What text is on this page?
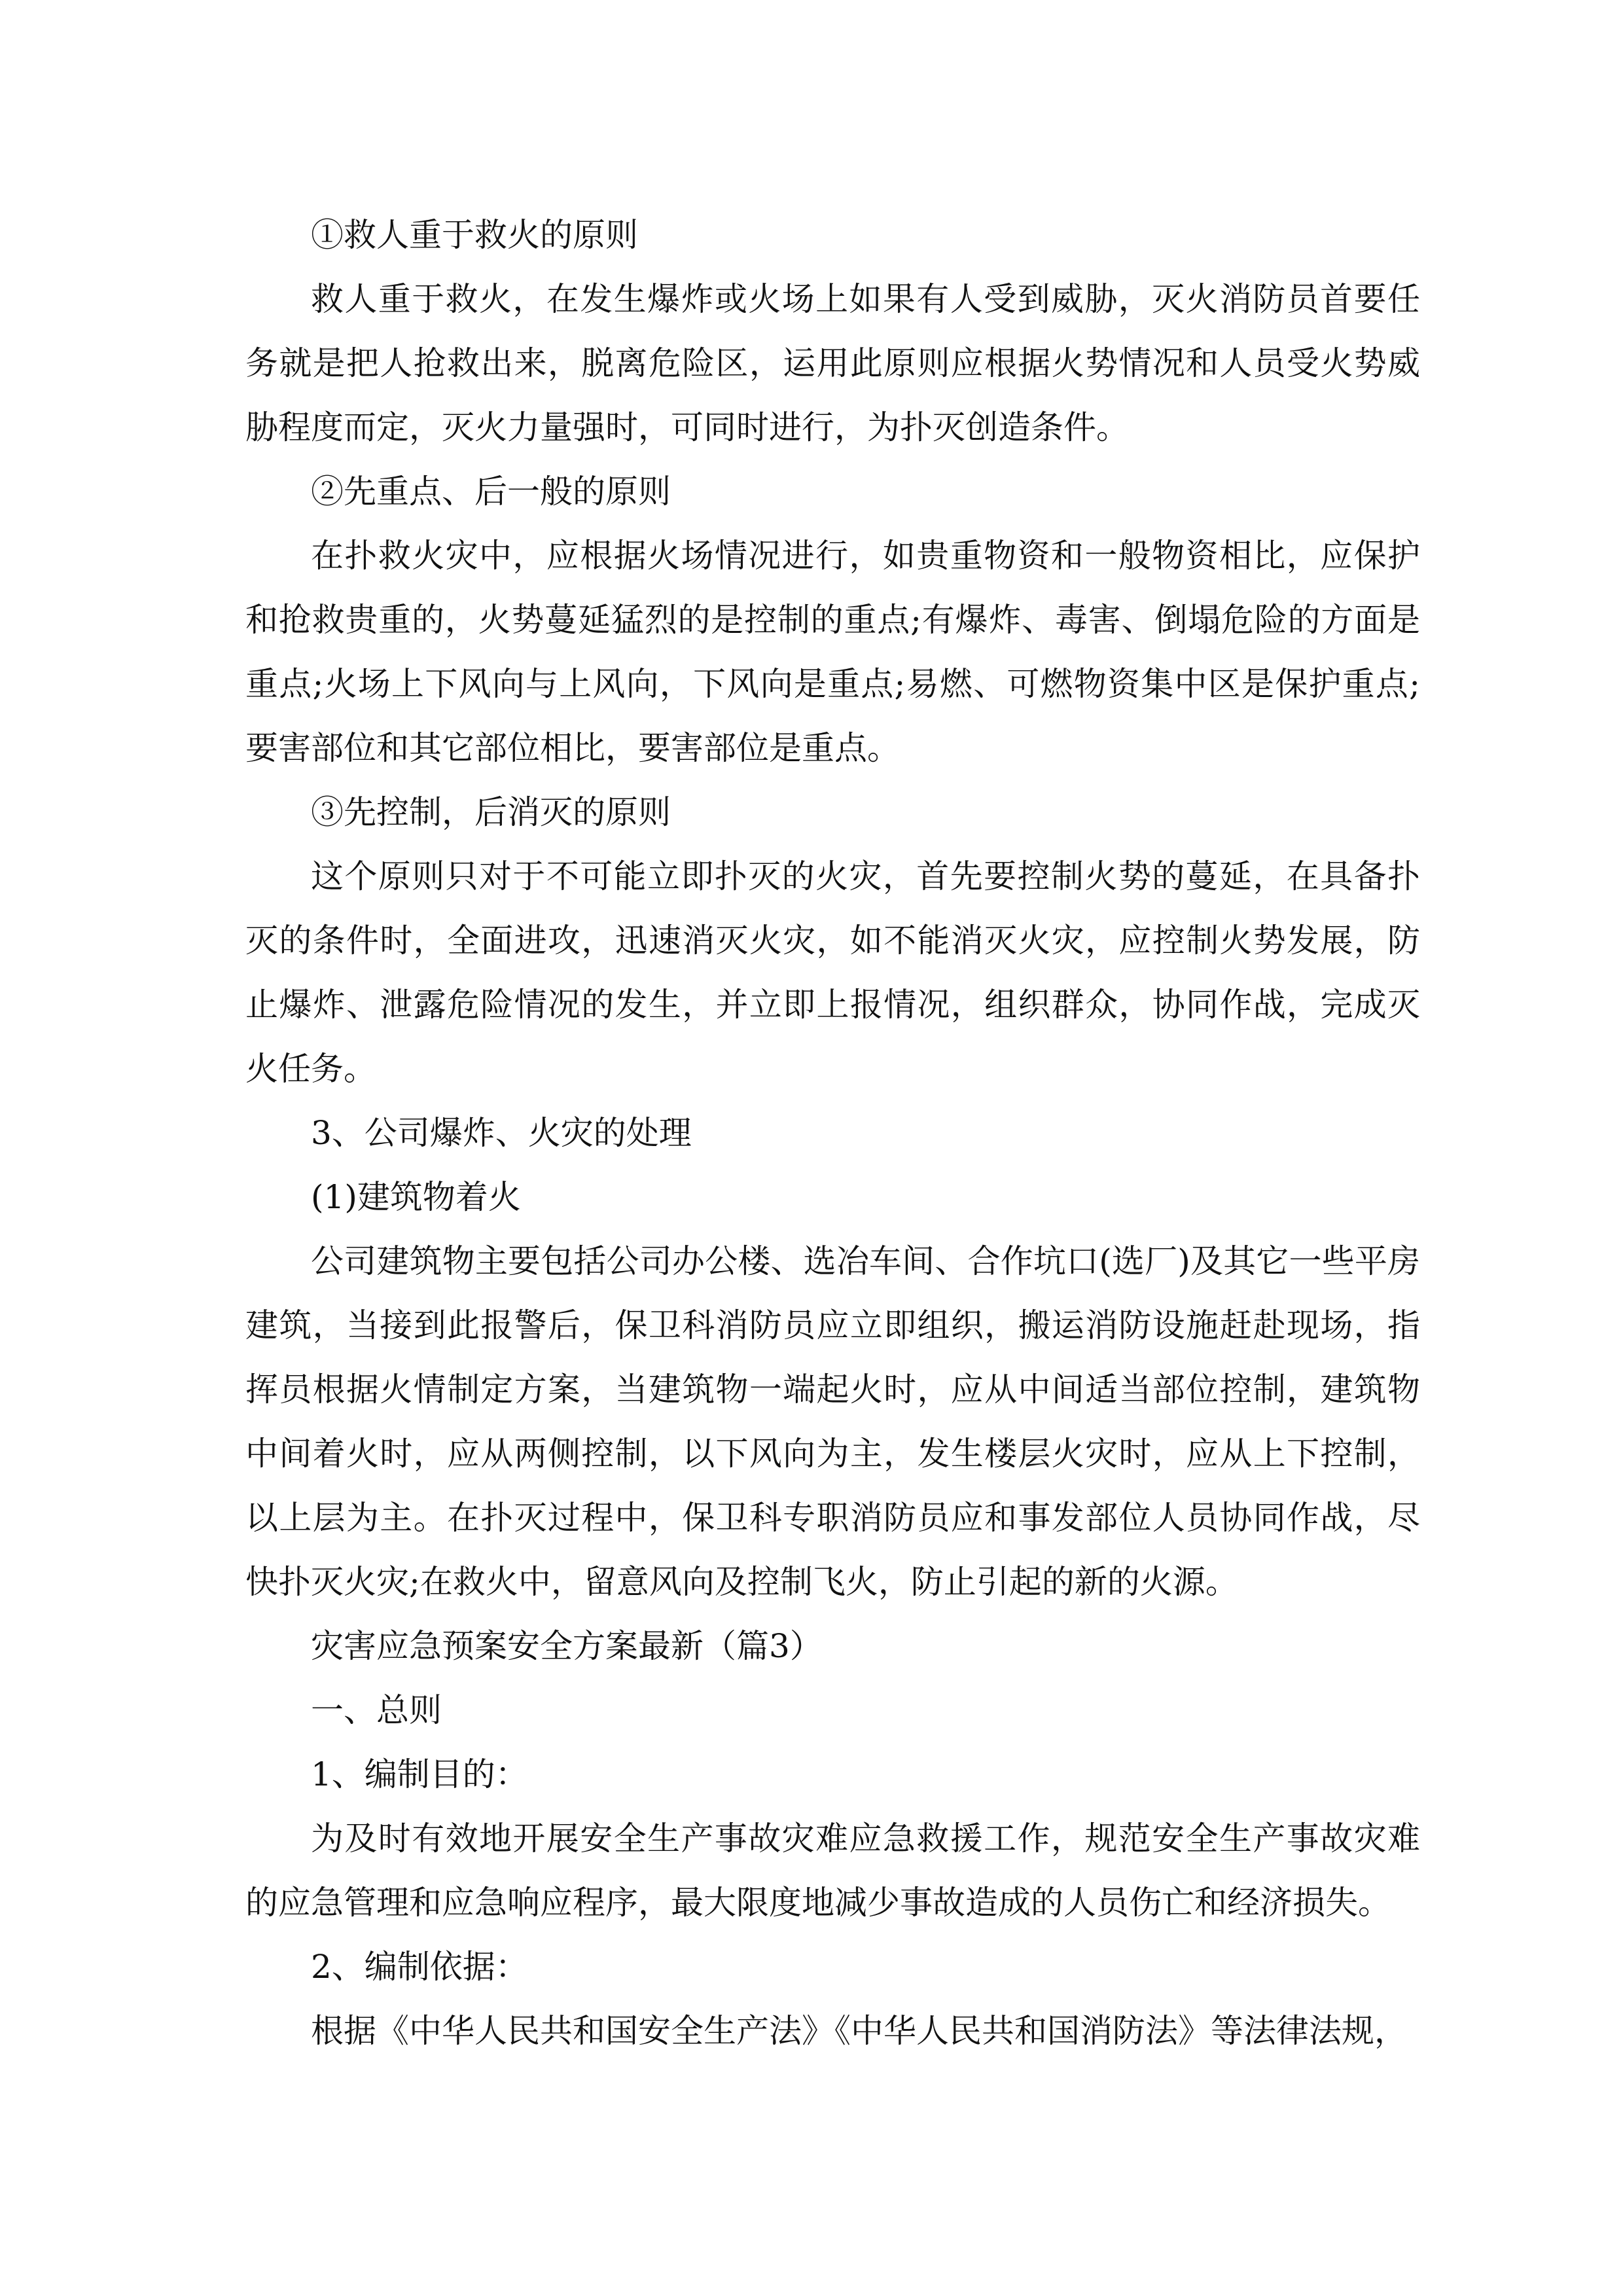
①救人重于救火的原则

救人重于救火，在发生爆炸或火场上如果有人受到威胁，灭火消防员首要任务就是把人抢救出来，脱离危险区，运用此原则应根据火势情况和人员受火势威胁程度而定，灭火力量强时，可同时进行，为扑灭创造条件。

②先重点、后一般的原则

在扑救火灾中，应根据火场情况进行，如贵重物资和一般物资相比，应保护和抢救贵重的，火势蔓延猛烈的是控制的重点;有爆炸、毒害、倒塌危险的方面是重点;火场上下风向与上风向，下风向是重点;易燃、可燃物资集中区是保护重点;要害部位和其它部位相比，要害部位是重点。

③先控制，后消灭的原则

这个原则只对于不可能立即扑灭的火灾，首先要控制火势的蔓延，在具备扑灭的条件时，全面进攻，迅速消灭火灾，如不能消灭火灾，应控制火势发展，防止爆炸、泄露危险情况的发生，并立即上报情况，组织群众，协同作战，完成灭火任务。

3、公司爆炸、火灾的处理

(1)建筑物着火

公司建筑物主要包括公司办公楼、选冶车间、合作坑口(选厂)及其它一些平房建筑，当接到此报警后，保卫科消防员应立即组织，搬运消防设施赶赴现场，指挥员根据火情制定方案，当建筑物一端起火时，应从中间适当部位控制，建筑物中间着火时，应从两侧控制，以下风向为主，发生楼层火灾时，应从上下控制，以上层为主。在扑灭过程中，保卫科专职消防员应和事发部位人员协同作战，尽快扑灭火灾;在救火中，留意风向及控制飞火，防止引起的新的火源。

灾害应急预案安全方案最新（篇3）

一、总则

1、编制目的：

为及时有效地开展安全生产事故灾难应急救援工作，规范安全生产事故灾难的应急管理和应急响应程序，最大限度地减少事故造成的人员伤亡和经济损失。

2、编制依据：

根据《中华人民共和国安全生产法》《中华人民共和国消防法》等法律法规，
